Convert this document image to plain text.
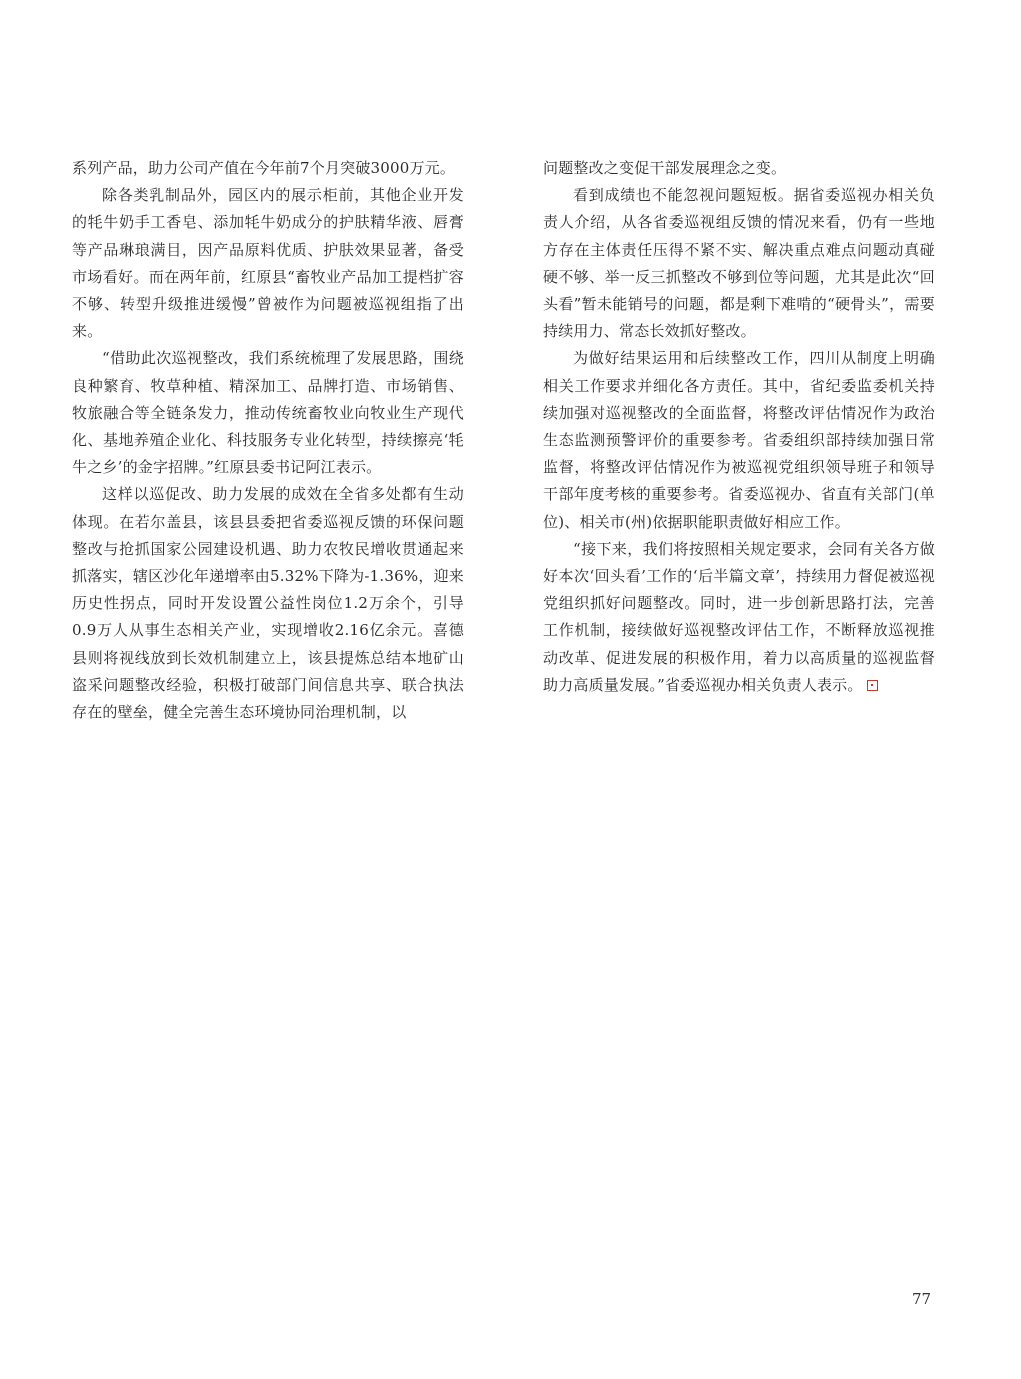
系列产品，助力公司产值在今年前7个月突破3000万元。

除各类乳制品外，园区内的展示柜前，其他企业开发的牦牛奶手工香皂、添加牦牛奶成分的护肤精华液、唇膏等产品琳琅满目，因产品原料优质、护肤效果显著，备受市场看好。而在两年前，红原县“畜牧业产品加工提档扩容不够、转型升级推进缓慢”曾被作为问题被巡视组指了出来。

“借助此次巡视整改，我们系统梳理了发展思路，围绕良种繁育、牧草种植、精深加工、品牌打造、市场销售、牧旅融合等全链条发力，推动传统畜牧业向牧业生产现代化、基地养殖企业化、科技服务专业化转型，持续擦亮‘牦牛之乡’的金字招牌。”红原县委书记阿江表示。

这样以巡促改、助力发展的成效在全省多处都有生动体现。在若尔盖县，该县县委把省委巡视反馈的环保问题整改与抢抓国家公园建设机遇、助力农牧民增收贯通起来抓落实，辖区沙化年递增率由5.32%下降为-1.36%，迎来历史性拐点，同时开发设置公益性岗位1.2万余个，引导0.9万人从事生态相关产业，实现增收2.16亿余元。喜德县则将视线放到长效机制建立上，该县提炼总结本地矿山盗采问题整改经验，积极打破部门间信息共享、联合执法存在的壁垒，健全完善生态环境协同治理机制，以

问题整改之变促干部发展理念之变。

看到成绩也不能忽视问题短板。据省委巡视办相关负责人介绍，从各省委巡视组反馈的情况来看，仍有一些地方存在主体责任压得不紧不实、解决重点难点问题动真碰硬不够、举一反三抓整改不够到位等问题，尤其是此次“回头看”暂未能销号的问题，都是剩下难啃的“硬骨头”，需要持续用力、常态长效抓好整改。

为做好结果运用和后续整改工作，四川从制度上明确相关工作要求并细化各方责任。其中，省纪委监委机关持续加强对巡视整改的全面监督，将整改评估情况作为政治生态监测预警评价的重要参考。省委组织部持续加强日常监督，将整改评估情况作为被巡视党组织领导班子和领导干部年度考核的重要参考。省委巡视办、省直有关部门(单位)、相关市(州)依据职能职责做好相应工作。

“接下来，我们将按照相关规定要求，会同有关各方做好本次‘回头看’工作的‘后半篇文章’，持续用力督促被巡视党组织抓好问题整改。同时，进一步创新思路打法，完善工作机制，接续做好巡视整改评估工作，不断释放巡视推动改革、促进发展的积极作用，着力以高质量的巡视监督助力高质量发展。”省委巡视办相关负责人表示。

77
